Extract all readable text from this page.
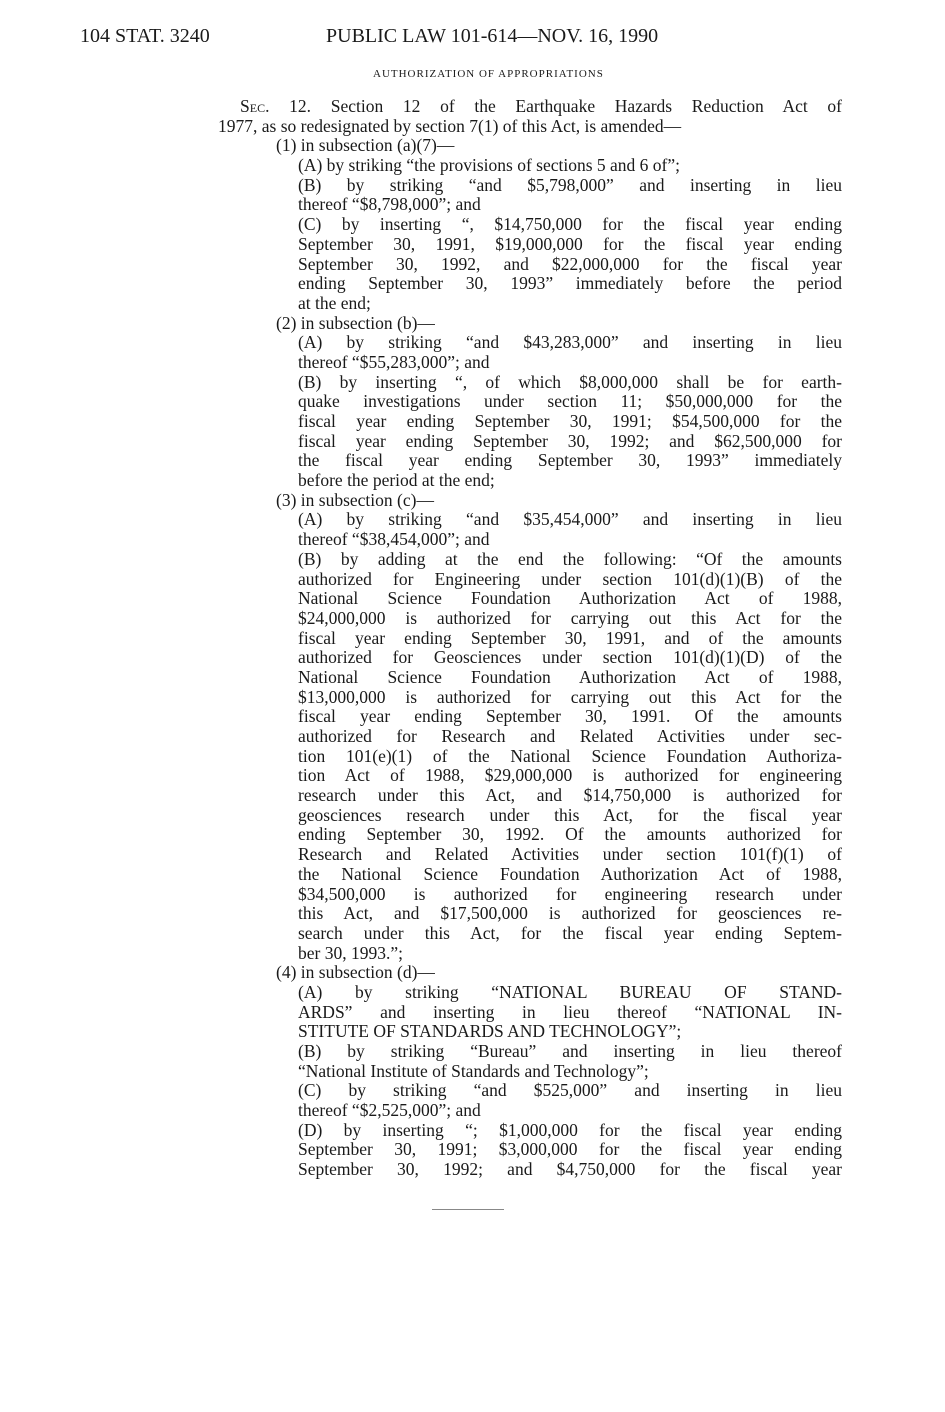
104 STAT. 3240	PUBLIC LAW 101-614—NOV. 16, 1990
AUTHORIZATION OF APPROPRIATIONS
Sec. 12. Section 12 of the Earthquake Hazards Reduction Act of
1977, as so redesignated by section 7(1) of this Act, is amended—
(1) in subsection (a)(7)—
(A) by striking “the provisions of sections 5 and 6 of”;
(B) by striking “and $5,798,000” and inserting in lieu
thereof “$8,798,000”; and
(C) by inserting “, $14,750,000 for the fiscal year ending
September 30, 1991, $19,000,000 for the fiscal year ending
September 30, 1992, and $22,000,000 for the fiscal year
ending September 30, 1993” immediately before the period
at the end;
(2) in subsection (b)—
(A) by striking “and $43,283,000” and inserting in lieu
thereof “$55,283,000”; and
(B) by inserting “, of which $8,000,000 shall be for earth-
quake investigations under section 11; $50,000,000 for the
fiscal year ending September 30, 1991; $54,500,000 for the
fiscal year ending September 30, 1992; and $62,500,000 for
the fiscal year ending September 30, 1993” immediately
before the period at the end;
(3) in subsection (c)—
(A) by striking “and $35,454,000” and inserting in lieu
thereof “$38,454,000”; and
(B) by adding at the end the following: “Of the amounts
authorized for Engineering under section 101(d)(1)(B) of the
National Science Foundation Authorization Act of 1988,
$24,000,000 is authorized for carrying out this Act for the
fiscal year ending September 30, 1991, and of the amounts
authorized for Geosciences under section 101(d)(1)(D) of the
National Science Foundation Authorization Act of 1988,
$13,000,000 is authorized for carrying out this Act for the
fiscal year ending September 30, 1991. Of the amounts
authorized for Research and Related Activities under sec-
tion 101(e)(1) of the National Science Foundation Authoriza-
tion Act of 1988, $29,000,000 is authorized for engineering
research under this Act, and $14,750,000 is authorized for
geosciences research under this Act, for the fiscal year
ending September 30, 1992. Of the amounts authorized for
Research and Related Activities under section 101(f)(1) of
the National Science Foundation Authorization Act of 1988,
$34,500,000 is authorized for engineering research under
this Act, and $17,500,000 is authorized for geosciences re-
search under this Act, for the fiscal year ending Septem-
ber 30, 1993.”;
(4) in subsection (d)—
(A) by striking “NATIONAL BUREAU OF STAND-
ARDS” and inserting in lieu thereof “NATIONAL IN-
STITUTE OF STANDARDS AND TECHNOLOGY”;
(B) by striking “Bureau” and inserting in lieu thereof
“National Institute of Standards and Technology”;
(C) by striking “and $525,000” and inserting in lieu
thereof “$2,525,000”; and
(D) by inserting “; $1,000,000 for the fiscal year ending
September 30, 1991; $3,000,000 for the fiscal year ending
September 30, 1992; and $4,750,000 for the fiscal year
